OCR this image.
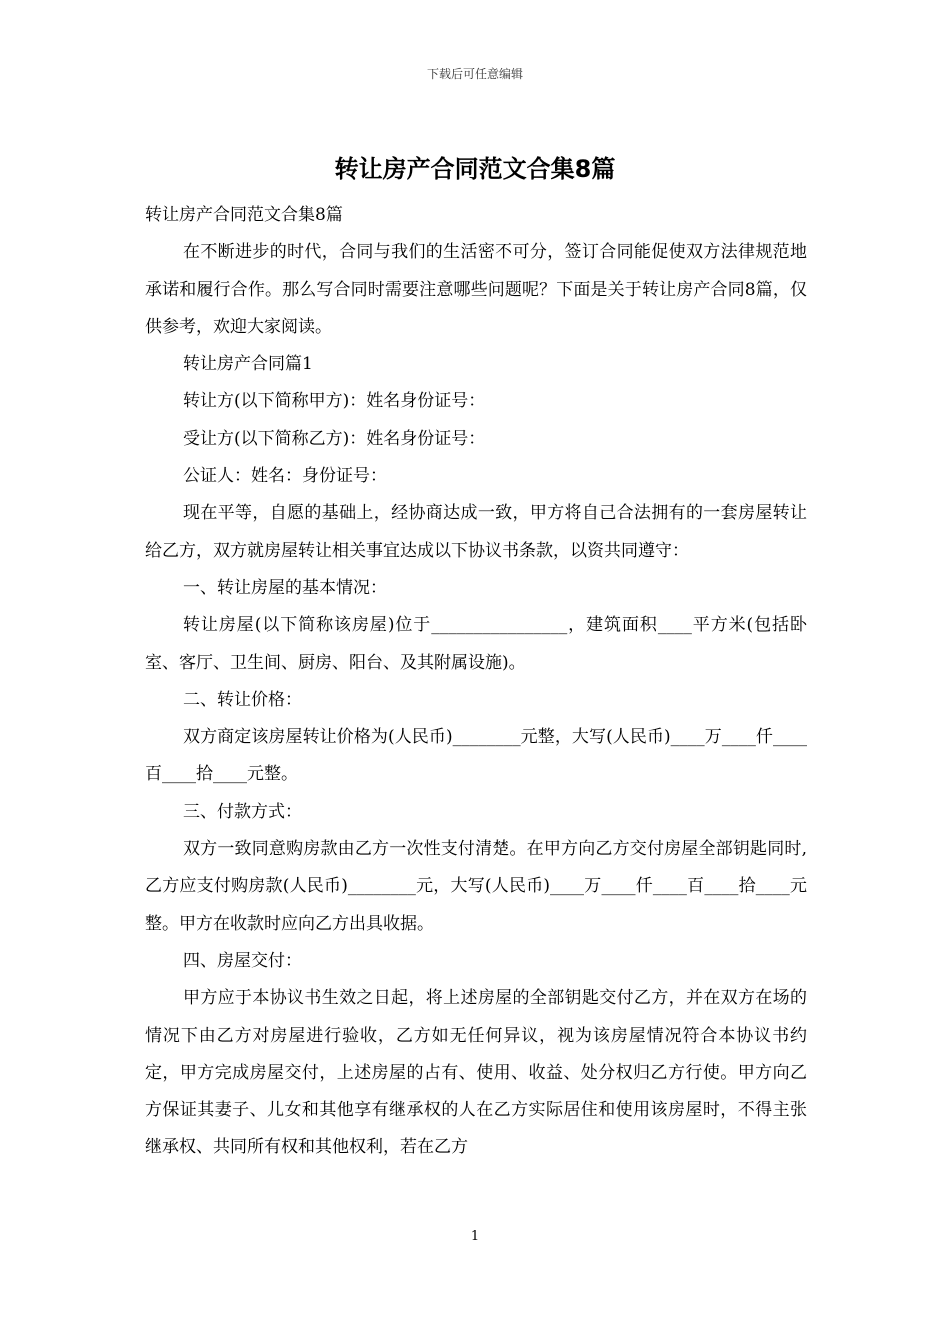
下载后可任意编辑
转让房产合同范文合集8篇

转让房产合同范文合集8篇

在不断进步的时代，合同与我们的生活密不可分，签订合同能促使双方法律规范地承诺和履行合作。那么写合同时需要注意哪些问题呢？下面是关于转让房产合同8篇，仅供参考，欢迎大家阅读。

转让房产合同篇1

转让方(以下简称甲方)：姓名身份证号：

受让方(以下简称乙方)：姓名身份证号：

公证人：姓名：身份证号：

现在平等，自愿的基础上，经协商达成一致，甲方将自己合法拥有的一套房屋转让给乙方，双方就房屋转让相关事宜达成以下协议书条款，以资共同遵守：

一、转让房屋的基本情况：

转让房屋(以下简称该房屋)位于________________，建筑面积____平方米(包括卧室、客厅、卫生间、厨房、阳台、及其附属设施)。

二、转让价格：

双方商定该房屋转让价格为(人民币)________元整，大写(人民币)____万____仟____百____拾____元整。

三、付款方式：

双方一致同意购房款由乙方一次性支付清楚。在甲方向乙方交付房屋全部钥匙同时,乙方应支付购房款(人民币)________元，大写(人民币)____万____仟____百____拾____元整。甲方在收款时应向乙方出具收据。

四、房屋交付：

甲方应于本协议书生效之日起，将上述房屋的全部钥匙交付乙方，并在双方在场的情况下由乙方对房屋进行验收，乙方如无任何异议，视为该房屋情况符合本协议书约定，甲方完成房屋交付，上述房屋的占有、使用、收益、处分权归乙方行使。甲方向乙方保证其妻子、儿女和其他享有继承权的人在乙方实际居住和使用该房屋时，不得主张继承权、共同所有权和其他权利，若在乙方

1
